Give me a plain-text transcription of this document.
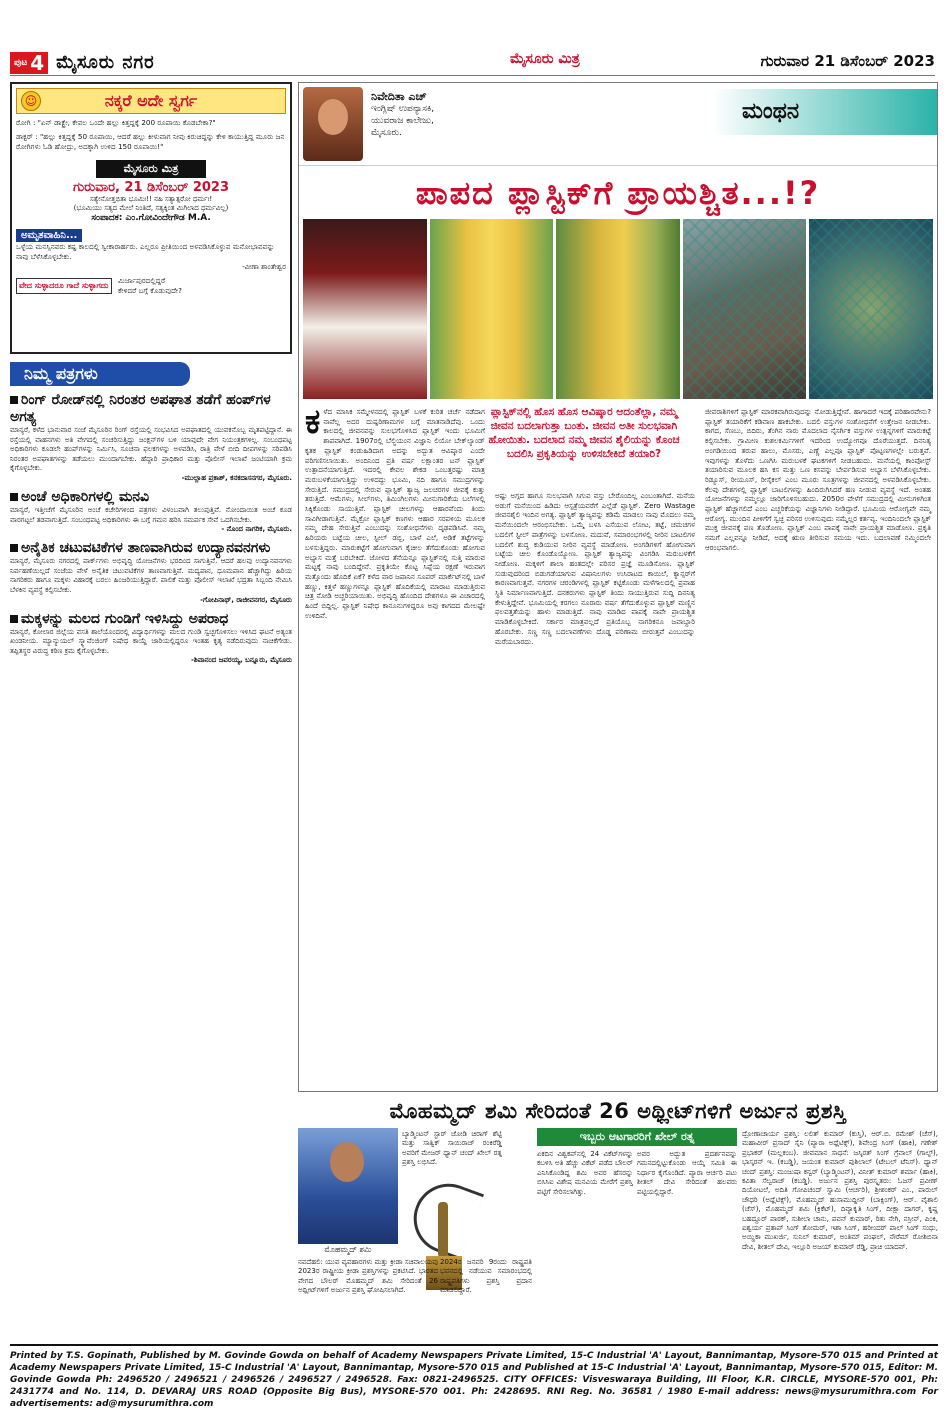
ಪುಟ 4 ಮೈಸೂರು ನಗರ	ಮೈಸೂರು ಮಿತ್ರ	ಗುರುವಾರ 21 ಡಿಸೆಂಬರ್ 2023
☺	ನಕ್ಕರೆ ಅದೇ ಸ್ವರ್ಗ

ರೋಗಿ : "ಏನ್ ಡಾಕ್ಟ್ರೇ, ಕೇವಲ ಒಂದೇ ಹಲ್ಲು ಕಿತ್ತದ್ದಕ್ಕೆ 200 ರೂಪಾಯಿ ಕೊಡಬೇಕಾ?"

ಡಾಕ್ಟರ್ : "ಹಲ್ಲು ಕಿತ್ತದ್ದಕ್ಕೆ 50 ರೂಪಾಯಿ, ಆದರೆ ಹಲ್ಲು ಕೀಳುವಾಗ ನೀವು ಕಿರುಚಿದ್ದನ್ನು ಕೇಳಿ ಕಾಯುತ್ತಿದ್ದ ಮೂರು ಜನ ರೋಗಿಗಳು ಓಡಿ ಹೋದ್ರು, ಅದಕ್ಕಾಗಿ ಉಳಿದ 150 ರೂಪಾಯಿ!"

ಮೈಸೂರು ಮಿತ್ರ
ಗುರುವಾರ, 21 ಡಿಸೆಂಬರ್ 2023
ಸತ್ಯೇನೋತ್ತಭಿತಾ ಭೂಮಿಃ!! ನಹಿ ಸತ್ಯಾತ್ಪರೋ ಧರ್ಮಃ!
(ಭೂಮಿಯು ಸತ್ಯದ ಮೇಲೆ ನಿಂತಿದೆ, ಸತ್ಯಕ್ಕಿಂತ ಮಿಗಿಲಾದ ಧರ್ಮವಿಲ್ಲ)
ಸಂಪಾದಕ: ಎಂ.ಗೋವಿಂದೇಗೌಡ M.A.
ಅಮೃತವಾಹಿನಿ...

ಒಳ್ಳೆಯ ಮನಸ್ಸಿನವರು ಕಷ್ಟ ಕಾಲದಲ್ಲಿ ಸ್ವೀಕಾರಾರ್ಹರು. ಎಲ್ಲರೂ ಪ್ರೀತಿಯಿಂದ ಅಳವಡಿಸಿಕೊಳ್ಳುವ ಮನೋಭಾವವನ್ನು ನಾವು ಬೆಳೆಸಿಕೊಳ್ಳಬೇಕು.

-ವೀಣಾ ಶಾಂತೇಶ್ವರ

ವೇದ ಸುಳ್ಳಾದರೂ ಗಾದೆ ಸುಳ್ಳಾಗದು
ಮಿರ್ಜಾಪುರದಲ್ಲಿದ್ದರೆ
ಕೇಳಿದರೆ ಬಗ್ಗೆ ಕೊಡುವುದೇ?
ನಿಮ್ಮ ಪತ್ರಗಳು
ರಿಂಗ್ ರೋಡ್‌ನಲ್ಲಿ ನಿರಂತರ ಅಪಘಾತ ತಡೆಗೆ ಹಂಪ್‌ಗಳ ಅಗತ್ಯ

ಮಾನ್ಯರೆ, ಕಳೆದ ಭಾನುವಾರ ಸಂಜೆ ಮೈಸೂರಿನ ರಿಂಗ್ ರಸ್ತೆಯಲ್ಲಿ ಸಂಭವಿಸಿದ ಅಪಘಾತದಲ್ಲಿ ಯುವಕನೊಬ್ಬ ಮೃತಪಟ್ಟಿದ್ದಾನೆ. ಈ ರಸ್ತೆಯಲ್ಲಿ ವಾಹನಗಳು ಅತಿ ವೇಗದಲ್ಲಿ ಸಂಚರಿಸುತ್ತಿದ್ದು ಜಂಕ್ಷನ್‌ಗಳ ಬಳಿ ಯಾವುದೇ ವೇಗ ನಿಯಂತ್ರಕಗಳಿಲ್ಲ. ಸಂಬಂಧಪಟ್ಟ ಅಧಿಕಾರಿಗಳು ಕೂಡಲೇ ಹಂಪ್‌ಗಳನ್ನು ನಿರ್ಮಿಸಿ, ಸೂಚನಾ ಫಲಕಗಳನ್ನು ಅಳವಡಿಸಿ, ರಾತ್ರಿ ವೇಳೆ ಬೀದಿ ದೀಪಗಳನ್ನು ಸರಿಪಡಿಸಿ ನಿರಂತರ ಅಪಘಾತಗಳನ್ನು ತಡೆಯಲು ಮುಂದಾಗಬೇಕು. ಹೆದ್ದಾರಿ ಪ್ರಾಧಿಕಾರ ಮತ್ತು ಪೊಲೀಸ್ ಇಲಾಖೆ ಜಂಟಿಯಾಗಿ ಕ್ರಮ ಕೈಗೊಳ್ಳಬೇಕು.

-ಮುಲ್ಲಾಹ ಪ್ರಕಾಶ್, ಕನಕದಾಸನಗರ, ಮೈಸೂರು.

ಅಂಚೆ ಅಧಿಕಾರಿಗಳಲ್ಲಿ ಮನವಿ

ಮಾನ್ಯರೆ, ಇತ್ತೀಚೆಗೆ ಮೈಸೂರಿನ ಅಂಚೆ ಕಚೇರಿಗಳಿಂದ ಪತ್ರಗಳು ವಿಳಂಬವಾಗಿ ತಲುಪುತ್ತಿವೆ. ನೋಂದಾಯಿತ ಅಂಚೆ ಕೂಡ ವಾರಗಟ್ಟಲೆ ತಡವಾಗುತ್ತಿದೆ. ಸಂಬಂಧಪಟ್ಟ ಅಧಿಕಾರಿಗಳು ಈ ಬಗ್ಗೆ ಗಮನ ಹರಿಸಿ ಸಮರ್ಪಕ ಸೇವೆ ಒದಗಿಸಬೇಕು.

- ನೊಂದ ನಾಗರಿಕ, ಮೈಸೂರು.

ಅನೈತಿಕ ಚಟುವಟಿಕೆಗಳ ತಾಣವಾಗಿರುವ ಉದ್ಯಾನವನಗಳು

ಮಾನ್ಯರೆ, ಮೈಸೂರು ನಗರದಲ್ಲಿ ಪಾರ್ಕ್‌ಗಳು ಅಭಿವೃದ್ಧಿ ಯೋಜನೆಗಳು ಭರದಿಂದ ಸಾಗುತ್ತಿವೆ. ಆದರೆ ಹಲವು ಉದ್ಯಾನವನಗಳು ನಿರ್ವಹಣೆಯಿಲ್ಲದೆ ಸಂಜೆಯ ವೇಳೆ ಅನೈತಿಕ ಚಟುವಟಿಕೆಗಳ ತಾಣವಾಗುತ್ತಿವೆ. ಮದ್ಯಪಾನ, ಧೂಮಪಾನ ಹೆಚ್ಚಾಗಿದ್ದು ಹಿರಿಯ ನಾಗರಿಕರು ಹಾಗೂ ಮಕ್ಕಳು ವಿಹಾರಕ್ಕೆ ಬರಲು ಹಿಂಜರಿಯುತ್ತಿದ್ದಾರೆ. ಪಾಲಿಕೆ ಮತ್ತು ಪೊಲೀಸ್ ಇಲಾಖೆ ಭದ್ರತಾ ಸಿಬ್ಬಂದಿ ನೇಮಿಸಿ ಬೆಳಕಿನ ವ್ಯವಸ್ಥೆ ಕಲ್ಪಿಸಬೇಕು.

-ಗೋಪಿನಾಥ್, ರಾಜೀವನಗರ, ಮೈಸೂರು

ಮಕ್ಕಳನ್ನು ಮಲದ ಗುಂಡಿಗೆ ಇಳಿಸಿದ್ದು ಅಪರಾಧ

ಮಾನ್ಯರೆ, ಕೋಲಾರ ಜಿಲ್ಲೆಯ ವಸತಿ ಶಾಲೆಯೊಂದರಲ್ಲಿ ವಿದ್ಯಾರ್ಥಿಗಳನ್ನು ಮಲದ ಗುಂಡಿ ಸ್ವಚ್ಛಗೊಳಿಸಲು ಇಳಿಸಿದ ಘಟನೆ ಅತ್ಯಂತ ಖಂಡನೀಯ. ಮ್ಯಾನ್ಯುಯಲ್ ಸ್ಕ್ಯಾವೆಂಜಿಂಗ್ ನಿಷೇಧ ಕಾಯ್ದೆ ಜಾರಿಯಲ್ಲಿದ್ದರೂ ಇಂತಹ ಕೃತ್ಯ ನಡೆದಿರುವುದು ನಾಚಿಕೆಗೇಡು. ತಪ್ಪಿತಸ್ಥರ ವಿರುದ್ಧ ಕಠಿಣ ಕ್ರಮ ಕೈಗೊಳ್ಳಬೇಕು.

-ಶಿವಾನಂದ ಜವರಯ್ಯ, ಬನ್ನೂರು, ಮೈಸೂರು

ನಿವೇದಿತಾ ಎಚ್
ಇಂಗ್ಲಿಷ್ ಉಪನ್ಯಾಸಕಿ,
ಯುವರಾಜ ಕಾಲೇಜು,
ಮೈಸೂರು.
ಮಂಥನ
ಪಾಪದ ಪ್ಲಾಸ್ಟಿಕ್‌ಗೆ ಪ್ರಾಯಶ್ಚಿತ...!?
ಕ ಳೆದ ಮಾಸಿಕ ಸಮ್ಮೇಳನದಲ್ಲಿ ಪ್ಲಾಸ್ಟಿಕ್ ಬಳಕೆ ಕುರಿತ ಚರ್ಚೆ ನಡೆದಾಗ ನಾವೆಲ್ಲ ಅದರ ದುಷ್ಪರಿಣಾಮಗಳ ಬಗ್ಗೆ ಮಾತನಾಡಿದೆವು. ಒಂದು ಕಾಲದಲ್ಲಿ ಜೀವನವನ್ನು ಸುಲಭಗೊಳಿಸಿದ ಪ್ಲಾಸ್ಟಿಕ್ ಇಂದು ಭೂಮಿಗೆ ಶಾಪವಾಗಿದೆ. 1907ರಲ್ಲಿ ಬೆಲ್ಜಿಯಂನ ವಿಜ್ಞಾನಿ ಲಿಯೋ ಬೇಕ್‌ಲ್ಯಾಂಡ್ ಕೃತಕ ಪ್ಲಾಸ್ಟಿಕ್ ಕಂಡುಹಿಡಿದಾಗ ಅದನ್ನು ಅದ್ಭುತ ಆವಿಷ್ಕಾರ ಎಂದೇ ಪರಿಗಣಿಸಲಾಯಿತು. ಅಂದಿನಿಂದ ಪ್ರತಿ ವರ್ಷ ಲಕ್ಷಾಂತರ ಟನ್ ಪ್ಲಾಸ್ಟಿಕ್ ಉತ್ಪಾದನೆಯಾಗುತ್ತಿದೆ. ಇದರಲ್ಲಿ ಕೇವಲ ಶೇಕಡ ಒಂಬತ್ತರಷ್ಟು ಮಾತ್ರ ಮರುಬಳಕೆಯಾಗುತ್ತಿದ್ದು ಉಳಿದದ್ದು ಭೂಮಿ, ನದಿ ಹಾಗೂ ಸಮುದ್ರಗಳನ್ನು ಸೇರುತ್ತಿದೆ. ಸಮುದ್ರದಲ್ಲಿ ಸೇರುವ ಪ್ಲಾಸ್ಟಿಕ್ ತ್ಯಾಜ್ಯ ಜಲಚರಗಳ ಜೀವಕ್ಕೆ ಕುತ್ತು ತರುತ್ತಿದೆ. ಆಮೆಗಳು, ಸೀಲ್‌ಗಳು, ತಿಮಿಂಗಿಲಗಳು ಮೀನುಗಾರಿಕೆಯ ಬಲೆಗಳಲ್ಲಿ ಸಿಕ್ಕಿಕೊಂಡು ಸಾಯುತ್ತಿವೆ. ಪ್ಲಾಸ್ಟಿಕ್ ಚೀಲಗಳನ್ನು ಆಹಾರವೆಂದು ತಿಂದು ಸಾವಿಗೀಡಾಗುತ್ತಿವೆ. ಮೈಕ್ರೋ ಪ್ಲಾಸ್ಟಿಕ್ ಕಣಗಳು ಆಹಾರ ಸರಪಳಿಯ ಮೂಲಕ ನಮ್ಮ ದೇಹ ಸೇರುತ್ತಿವೆ ಎಂಬುದನ್ನು ಸಂಶೋಧನೆಗಳು ದೃಢಪಡಿಸಿವೆ. ನಮ್ಮ ಹಿರಿಯರು ಬಟ್ಟೆಯ ಚೀಲ, ಸ್ಟೀಲ್ ಡಬ್ಬಿ, ಬಾಳೆ ಎಲೆ, ಅಡಿಕೆ ತಟ್ಟೆಗಳನ್ನು ಬಳಸುತ್ತಿದ್ದರು. ಮಾರುಕಟ್ಟೆಗೆ ಹೋಗುವಾಗ ಕೈಚೀಲ ತೆಗೆದುಕೊಂಡು ಹೋಗುವ ಅಭ್ಯಾಸ ಮತ್ತೆ ಬರಬೇಕಿದೆ. ಜೋಳದ ತೆನೆಯನ್ನೂ ಪ್ಲಾಸ್ಟಿಕ್‌ನಲ್ಲಿ ಸುತ್ತಿ ಮಾರುವ ಮಟ್ಟಕ್ಕೆ ನಾವು ಬಂದಿದ್ದೇವೆ. ಪ್ರಕೃತಿಯೇ ಕೊಟ್ಟ ಸಿಪ್ಪೆಯ ರಕ್ಷಣೆ ಇರುವಾಗ ಮತ್ತೊಂದು ಹೊದಿಕೆ ಏಕೆ? ಕಳೆದ ವಾರ ಜಪಾನಿನ ಸೂಪರ್ ಮಾರ್ಕೆಟ್‌ನಲ್ಲಿ ಬಾಳೆ ಹಣ್ಣು, ಕಿತ್ತಳೆ ಹಣ್ಣುಗಳನ್ನೂ ಪ್ಲಾಸ್ಟಿಕ್ ಹೊದಿಕೆಯಲ್ಲಿ ಮಾರಾಟ ಮಾಡುತ್ತಿರುವ ಚಿತ್ರ ನೋಡಿ ಅಚ್ಚರಿಯಾಯಿತು. ಅಭಿವೃದ್ಧಿ ಹೊಂದಿದ ದೇಶಗಳೂ ಈ ವಿಚಾರದಲ್ಲಿ ಹಿಂದೆ ಬಿದ್ದಿಲ್ಲ. ಪ್ಲಾಸ್ಟಿಕ್ ನಿಷೇಧ ಕಾನೂನುಗಳಿದ್ದರೂ ಅವು ಕಾಗದದ ಮೇಲಷ್ಟೇ ಉಳಿದಿವೆ.
ಪ್ಲಾಸ್ಟಿಕ್‌ನಲ್ಲಿ ಹೊಸ ಹೊಸ ಆವಿಷ್ಕಾರ ಆದಂತೆಲ್ಲಾ, ನಮ್ಮ ಜೀವನ ಬದಲಾಗುತ್ತಾ ಬಂತು. ಜೀವನ ಅತೀ ಸುಲಭವಾಗಿ ಹೋಯಿತು. ಬದಲಾದ ನಮ್ಮ ಜೀವನ ಶೈಲಿಯನ್ನು ಕೊಂಚ ಬದಲಿಸಿ ಪ್ರಕೃತಿಯನ್ನು ಉಳಿಸಬೇಕಿದೆ ತಯಾರಿ?
ಅಷ್ಟು ಅಗ್ಗದ ಹಾಗೂ ಸುಲಭವಾಗಿ ಸಿಗುವ ವಸ್ತು ಬೇರೊಂದಿಲ್ಲ ಎಂಬಂತಾಗಿದೆ. ಮನೆಯ ಅಡುಗೆ ಮನೆಯಿಂದ ಹಿಡಿದು ಆಸ್ಪತ್ರೆಯವರೆಗೆ ಎಲ್ಲೆಡೆ ಪ್ಲಾಸ್ಟಿಕ್. Zero Wastage ಜೀವನಶೈಲಿ ಇಂದಿನ ಅಗತ್ಯ. ಪ್ಲಾಸ್ಟಿಕ್ ತ್ಯಾಜ್ಯವನ್ನು ಕಡಿಮೆ ಮಾಡಲು ನಾವು ಮೊದಲು ನಮ್ಮ ಮನೆಯಿಂದಲೇ ಆರಂಭಿಸಬೇಕು. ಒಮ್ಮೆ ಬಳಸಿ ಎಸೆಯುವ ಲೋಟ, ತಟ್ಟೆ, ಚಮಚಗಳ ಬದಲಿಗೆ ಸ್ಟೀಲ್ ಪಾತ್ರೆಗಳನ್ನು ಬಳಸೋಣ. ಮದುವೆ, ಸಮಾರಂಭಗಳಲ್ಲಿ ನೀರಿನ ಬಾಟಲಿಗಳ ಬದಲಿಗೆ ಶುದ್ಧ ಕುಡಿಯುವ ನೀರಿನ ವ್ಯವಸ್ಥೆ ಮಾಡೋಣ. ಅಂಗಡಿಗಳಿಗೆ ಹೋಗುವಾಗ ಬಟ್ಟೆಯ ಚೀಲ ಕೊಂಡೊಯ್ಯೋಣ. ಪ್ಲಾಸ್ಟಿಕ್ ತ್ಯಾಜ್ಯವನ್ನು ವಿಂಗಡಿಸಿ ಮರುಬಳಕೆಗೆ ನೀಡೋಣ. ಮಕ್ಕಳಿಗೆ ಶಾಲಾ ಹಂತದಲ್ಲೇ ಪರಿಸರ ಪ್ರಜ್ಞೆ ಮೂಡಿಸೋಣ. ಪ್ಲಾಸ್ಟಿಕ್ ಸುಡುವುದರಿಂದ ಬಿಡುಗಡೆಯಾಗುವ ವಿಷಾನಿಲಗಳು ಉಸಿರಾಟದ ಕಾಯಿಲೆ, ಕ್ಯಾನ್ಸರ್‌ಗೆ ಕಾರಣವಾಗುತ್ತವೆ. ನಗರಗಳ ಚರಂಡಿಗಳಲ್ಲಿ ಪ್ಲಾಸ್ಟಿಕ್ ಕಟ್ಟಿಕೊಂಡು ಮಳೆಗಾಲದಲ್ಲಿ ಪ್ರವಾಹ ಸ್ಥಿತಿ ನಿರ್ಮಾಣವಾಗುತ್ತಿದೆ. ದನಕರುಗಳು ಪ್ಲಾಸ್ಟಿಕ್ ತಿಂದು ಸಾಯುತ್ತಿರುವ ಸುದ್ದಿ ದಿನನಿತ್ಯ ಕೇಳುತ್ತಿದ್ದೇವೆ. ಭೂಮಿಯಲ್ಲಿ ಕರಗಲು ನೂರಾರು ವರ್ಷ ತೆಗೆದುಕೊಳ್ಳುವ ಪ್ಲಾಸ್ಟಿಕ್ ಮಣ್ಣಿನ ಫಲವತ್ತತೆಯನ್ನು ಹಾಳು ಮಾಡುತ್ತಿದೆ. ನಾವು ಮಾಡಿದ ಪಾಪಕ್ಕೆ ನಾವೇ ಪ್ರಾಯಶ್ಚಿತ ಮಾಡಿಕೊಳ್ಳಬೇಕಿದೆ. ಸರ್ಕಾರ ಮಾತ್ರವಲ್ಲದೆ ಪ್ರತಿಯೊಬ್ಬ ನಾಗರಿಕನೂ ಜವಾಬ್ದಾರಿ ಹೊರಬೇಕು. ಸಣ್ಣ ಸಣ್ಣ ಬದಲಾವಣೆಗಳು ದೊಡ್ಡ ಪರಿಣಾಮ ಬೀರುತ್ತವೆ ಎಂಬುದನ್ನು ಮರೆಯಬಾರದು.
ಜೀವರಾಶಿಗಳಿಗೆ ಪ್ಲಾಸ್ಟಿಕ್ ಮಾರಕವಾಗಿರುವುದನ್ನು ನೋಡುತ್ತಿದ್ದೇವೆ. ಹಾಗಾದರೆ ಇದಕ್ಕೆ ಪರಿಹಾರವೇನು? ಪ್ಲಾಸ್ಟಿಕ್ ತಯಾರಿಕೆಗೆ ಕಡಿವಾಣ ಹಾಕಬೇಕು. ಬದಲಿ ವಸ್ತುಗಳ ಸಂಶೋಧನೆಗೆ ಉತ್ತೇಜನ ನೀಡಬೇಕು. ಕಾಗದ, ಸೆಣಬು, ಬಿದಿರು, ತೆಂಗಿನ ನಾರು ಮೊದಲಾದ ನೈಸರ್ಗಿಕ ವಸ್ತುಗಳ ಉತ್ಪನ್ನಗಳಿಗೆ ಮಾರುಕಟ್ಟೆ ಕಲ್ಪಿಸಬೇಕು. ಗ್ರಾಮೀಣ ಕುಶಲಕರ್ಮಿಗಳಿಗೆ ಇದರಿಂದ ಉದ್ಯೋಗವೂ ದೊರೆಯುತ್ತದೆ. ದಿನನಿತ್ಯ ಅಂಗಡಿಯಿಂದ ತರುವ ಹಾಲು, ಮೊಸರು, ಎಣ್ಣೆ ಎಲ್ಲವೂ ಪ್ಲಾಸ್ಟಿಕ್ ಪೊಟ್ಟಣಗಳಲ್ಲೇ ಬರುತ್ತವೆ. ಇವುಗಳನ್ನು ತೊಳೆದು ಒಣಗಿಸಿ ಮರುಬಳಕೆ ಘಟಕಗಳಿಗೆ ನೀಡಬಹುದು. ಮನೆಯಲ್ಲಿ ಕಾಂಪೋಸ್ಟ್ ತಯಾರಿಸುವ ಮೂಲಕ ಹಸಿ ಕಸ ಮತ್ತು ಒಣ ಕಸವನ್ನು ಬೇರ್ಪಡಿಸುವ ಅಭ್ಯಾಸ ಬೆಳೆಸಿಕೊಳ್ಳಬೇಕು. ರಿಡ್ಯೂಸ್, ರೀಯೂಸ್, ರೀಸೈಕಲ್ ಎಂಬ ಮೂರು ಸೂತ್ರಗಳನ್ನು ಜೀವನದಲ್ಲಿ ಅಳವಡಿಸಿಕೊಳ್ಳಬೇಕು. ಕೆಲವು ದೇಶಗಳಲ್ಲಿ ಪ್ಲಾಸ್ಟಿಕ್ ಬಾಟಲಿಗಳನ್ನು ಹಿಂದಿರುಗಿಸಿದರೆ ಹಣ ನೀಡುವ ವ್ಯವಸ್ಥೆ ಇದೆ. ಅಂತಹ ಯೋಜನೆಗಳನ್ನು ನಮ್ಮಲ್ಲೂ ಜಾರಿಗೊಳಿಸಬಹುದು. 2050ರ ವೇಳೆಗೆ ಸಮುದ್ರದಲ್ಲಿ ಮೀನುಗಳಿಗಿಂತ ಪ್ಲಾಸ್ಟಿಕ್ ಹೆಚ್ಚಾಗಲಿದೆ ಎಂಬ ಎಚ್ಚರಿಕೆಯನ್ನು ವಿಜ್ಞಾನಿಗಳು ನೀಡಿದ್ದಾರೆ. ಭೂಮಿಯ ಆರೋಗ್ಯವೇ ನಮ್ಮ ಆರೋಗ್ಯ. ಮುಂದಿನ ಪೀಳಿಗೆಗೆ ಸ್ವಚ್ಛ ಪರಿಸರ ಉಳಿಸುವುದು ನಮ್ಮೆಲ್ಲರ ಕರ್ತವ್ಯ. ಇಂದಿನಿಂದಲೇ ಪ್ಲಾಸ್ಟಿಕ್ ಮುಕ್ತ ಜೀವನಕ್ಕೆ ಪಣ ತೊಡೋಣ. ಪ್ಲಾಸ್ಟಿಕ್ ಎಂಬ ಪಾಪಕ್ಕೆ ನಾವೇ ಪ್ರಾಯಶ್ಚಿತ ಮಾಡೋಣ. ಪ್ರಕೃತಿ ನಮಗೆ ಎಲ್ಲವನ್ನೂ ನೀಡಿದೆ, ಅದಕ್ಕೆ ಋಣ ತೀರಿಸುವ ಸಮಯ ಇದು. ಬದಲಾವಣೆ ನಮ್ಮಿಂದಲೇ ಆರಂಭವಾಗಲಿ.
ಮೊಹಮ್ಮದ್ ಶಮಿ ಸೇರಿದಂತೆ 26 ಅಥ್ಲೀಟ್‌ಗಳಿಗೆ ಅರ್ಜುನ ಪ್ರಶಸ್ತಿ
ಮೊಹಮ್ಮದ್ ಶಮಿ
ಇಬ್ಬರು ಆಟಗಾರರಿಗೆ ಖೇಲ್ ರತ್ನ

ಬ್ಯಾಡ್ಮಿಂಟನ್ ಸ್ಟಾರ್ ಜೋಡಿ ಚಿರಾಗ್ ಶೆಟ್ಟಿ ಮತ್ತು ಸಾತ್ವಿಕ್ ಸಾಯಿರಾಜ್ ರಂಕಿರೆಡ್ಡಿ ಅವರಿಗೆ ಮೇಜರ್ ಧ್ಯಾನ್ ಚಂದ್ ಖೇಲ್ ರತ್ನ ಪ್ರಶಸ್ತಿ ಲಭಿಸಿದೆ.

ನವದೆಹಲಿ: ಯುವ ವ್ಯವಹಾರಗಳು ಮತ್ತು ಕ್ರೀಡಾ ಸಚಿವಾಲಯವು 2023ರ ರಾಷ್ಟ್ರೀಯ ಕ್ರೀಡಾ ಪ್ರಶಸ್ತಿಗಳನ್ನು ಪ್ರಕಟಿಸಿದೆ. ಭಾರತದ ವೇಗದ ಬೌಲರ್ ಮೊಹಮ್ಮದ್ ಶಮಿ ಸೇರಿದಂತೆ 26 ಅಥ್ಲೀಟ್‌ಗಳಿಗೆ ಅರ್ಜುನ ಪ್ರಶಸ್ತಿ ಘೋಷಿಸಲಾಗಿದೆ.

2024ರ ಜನವರಿ 9ರಂದು ರಾಷ್ಟ್ರಪತಿ ಭವನದಲ್ಲಿ ನಡೆಯುವ ಸಮಾರಂಭದಲ್ಲಿ ರಾಷ್ಟ್ರಪತಿಗಳು ಪ್ರಶಸ್ತಿ ಪ್ರದಾನ ಮಾಡಲಿದ್ದಾರೆ.

ಏಕದಿನ ವಿಶ್ವಕಪ್‌ನಲ್ಲಿ 24 ವಿಕೆಟ್‌ಗಳನ್ನು ಕಬಳಿಸಿ ಅತಿ ಹೆಚ್ಚು ವಿಕೆಟ್ ಪಡೆದ ಬೌಲರ್ ಎನಿಸಿಕೊಂಡಿದ್ದ ಶಮಿ ಅವರ ಹೆಸರನ್ನು ಬಿಸಿಸಿಐ ವಿಶೇಷ ಮನವಿಯ ಮೇರೆಗೆ ಪ್ರಶಸ್ತಿ ಪಟ್ಟಿಗೆ ಸೇರಿಸಲಾಗಿತ್ತು.

ಅವರ ಅದ್ಭುತ ಪ್ರದರ್ಶನವನ್ನು ಗಮನದಲ್ಲಿಟ್ಟುಕೊಂಡು ಆಯ್ಕೆ ಸಮಿತಿ ಈ ನಿರ್ಧಾರ ಕೈಗೊಂಡಿದೆ. ಪ್ಯಾರಾ ಆರ್ಚರಿ ಪಟು ಶೀತಲ್ ದೇವಿ ಸೇರಿದಂತೆ ಹಲವರು ಪಟ್ಟಿಯಲ್ಲಿದ್ದಾರೆ.

ದ್ರೋಣಾಚಾರ್ಯ ಪ್ರಶಸ್ತಿ: ಲಲಿತ್ ಕುಮಾರ್ (ಕುಸ್ತಿ), ಆರ್.ಬಿ. ರಮೇಶ್ (ಚೆಸ್), ಮಹಾವೀರ್ ಪ್ರಸಾದ್ ಸೈನಿ (ಪ್ಯಾರಾ ಅಥ್ಲೆಟಿಕ್ಸ್), ಶಿವೇಂದ್ರ ಸಿಂಗ್ (ಹಾಕಿ), ಗಣೇಶ್ ಪ್ರಭಾಕರ್ (ಮಲ್ಲಕಂಬ). ಜೀವಮಾನ ಸಾಧನೆ: ಜಸ್ಕಿರತ್ ಸಿಂಗ್ ಗ್ರೆವಾಲ್ (ಗಾಲ್ಫ್), ಭಾಸ್ಕರನ್ ಇ. (ಕಬಡ್ಡಿ), ಜಯಂತ ಕುಮಾರ್ ಪುಶಿಲಾಲ್ (ಟೇಬಲ್ ಟೆನಿಸ್). ಧ್ಯಾನ್ ಚಂದ್ ಪ್ರಶಸ್ತಿ: ಮಂಜುಷಾ ಕನ್ವರ್ (ಬ್ಯಾಡ್ಮಿಂಟನ್), ವಿನೀತ್ ಕುಮಾರ್ ಶರ್ಮಾ (ಹಾಕಿ), ಕವಿತಾ ಸೆಲ್ವರಾಜ್ (ಕಬಡ್ಡಿ). ಅರ್ಜುನ ಪ್ರಶಸ್ತಿ ಪುರಸ್ಕೃತರು: ಓಜಸ್ ಪ್ರವೀಣ್ ದಿಯೋಟಲೆ, ಅದಿತಿ ಗೋಪಿಚಂದ್ ಸ್ವಾಮಿ (ಆರ್ಚರಿ), ಶ್ರೀಶಂಕರ್ ಎಂ., ಪಾರುಲ್ ಚೌಧರಿ (ಅಥ್ಲೆಟಿಕ್ಸ್), ಮೊಹಮ್ಮದ್ ಹುಸಾಮುದ್ದೀನ್ (ಬಾಕ್ಸಿಂಗ್), ಆರ್. ವೈಶಾಲಿ (ಚೆಸ್), ಮೊಹಮ್ಮದ್ ಶಮಿ (ಕ್ರಿಕೆಟ್), ದಿವ್ಯಾಕೃತಿ ಸಿಂಗ್, ದೀಕ್ಷಾ ದಾಗರ್, ಕೃಷ್ಣ ಬಹದ್ದೂರ್ ಪಾಠಕ್, ಸುಶೀಲಾ ಚಾನು, ಪವನ್ ಕುಮಾರ್, ರಿತು ನೇಗಿ, ನಸ್ರೀನ್, ಪಿಂಕಿ, ಐಶ್ವರ್ಯ ಪ್ರತಾಪ್ ಸಿಂಗ್ ತೋಮರ್, ಇಶಾ ಸಿಂಗ್, ಹರೀಂದರ್ ಪಾಲ್ ಸಿಂಗ್ ಸಂಧು, ಅಯ್ಹಿಕಾ ಮುಖರ್ಜಿ, ಸುನಿಲ್ ಕುಮಾರ್, ಅಂತಿಮ್ ಪಂಘಲ್, ನೌರೆಮ್ ರೋಶಿಬಿನಾ ದೇವಿ, ಶೀತಲ್ ದೇವಿ, ಇಲ್ಲೂರಿ ಅಜಯ್ ಕುಮಾರ್ ರೆಡ್ಡಿ, ಪ್ರಾಚಿ ಯಾದವ್.

Printed by T.S. Gopinath, Published by M. Govinde Gowda on behalf of Academy Newspapers Private Limited, 15-C Industrial 'A' Layout, Bannimantap, Mysore-570 015 and Printed at Academy Newspapers Private Limited, 15-C Industrial 'A' Layout, Bannimantap, Mysore-570 015 and Published at 15-C Industrial 'A' Layout, Bannimantap, Mysore-570 015, Editor: M. Govinde Gowda Ph: 2496520 / 2496521 / 2496526 / 2496527 / 2496528. Fax: 0821-2496525. CITY OFFICES: Visveswaraya Building, III Floor, K.R. CIRCLE, MYSORE-570 001, Ph: 2431774 and No. 114, D. DEVARAJ URS ROAD (Opposite Big Bus), MYSORE-570 001. Ph: 2428695. RNI Reg. No. 36581 / 1980 E-mail address: news@mysurumithra.com For advertisements: ad@mysurumithra.com
